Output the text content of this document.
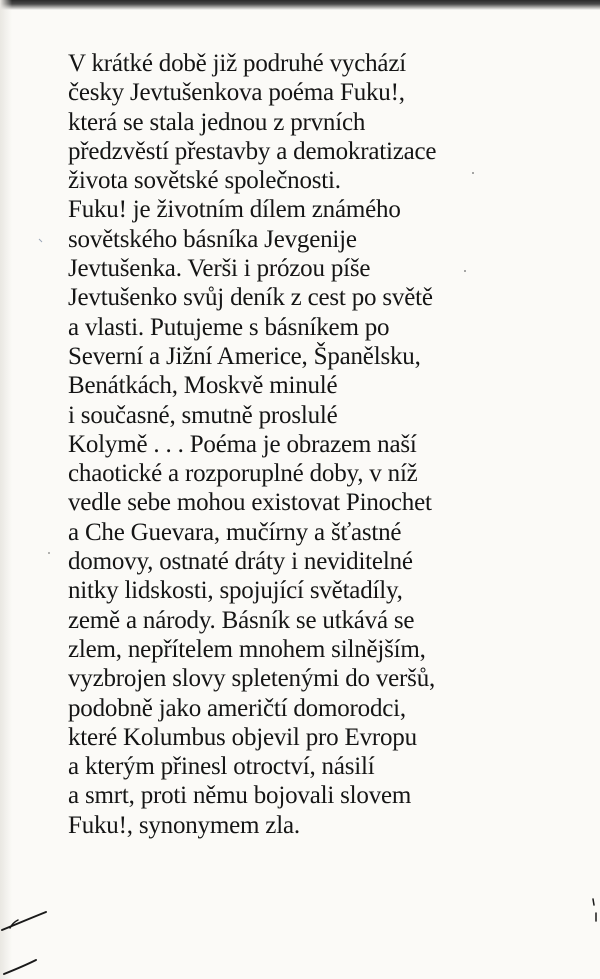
V krátké době již podruhé vychází
česky Jevtušenkova poéma Fuku!,
která se stala jednou z prvních
předzvěstí přestavby a demokratizace
života sovětské společnosti.
Fuku! je životním dílem známého
sovětského básníka Jevgenije
Jevtušenka. Verši i prózou píše
Jevtušenko svůj deník z cest po světě
a vlasti. Putujeme s básníkem po
Severní a Jižní Americe, Španělsku,
Benátkách, Moskvě minulé
i současné, smutně proslulé
Kolymě . . . Poéma je obrazem naší
chaotické a rozporuplné doby, v níž
vedle sebe mohou existovat Pinochet
a Che Guevara, mučírny a šťastné
domovy, ostnaté dráty i neviditelné
nitky lidskosti, spojující světadíly,
země a národy. Básník se utkává se
zlem, nepřítelem mnohem silnějším,
vyzbrojen slovy spletenými do veršů,
podobně jako američtí domorodci,
které Kolumbus objevil pro Evropu
a kterým přinesl otroctví, násilí
a smrt, proti němu bojovali slovem
Fuku!, synonymem zla.
